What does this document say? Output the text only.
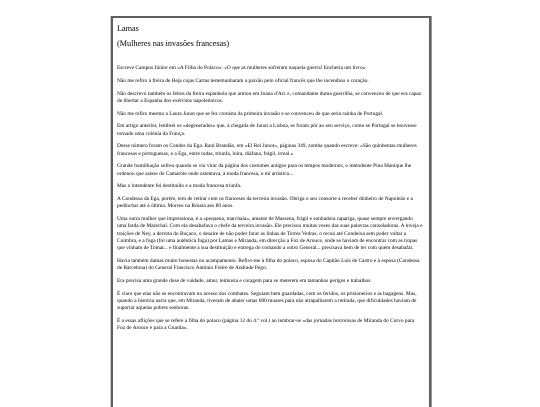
Lamas
(Mulheres nas invasões francesas)

Escreve Campos Júnior em «A Filha do Polaco»: «O que as mulheres sofreram naquela guerra! Encheria um livro».

Não me refiro à freira de Beja cujas Cartas testemunharam a paixão pelo oficial francês que lhe incendiou o coração.

Não descrevo também os feitos da freira espanhola que armou em Joana d'Arc e, comandante duma guerrilha, se convenceu de que era capaz de libertar a Espanha dos exércitos napoleónicos.

Não me refiro mesmo a Laura Junot que se fez cronista da primeira invasão e se convenceu de que seria rainha de Portugal.

Em artigo anterior, lembrei os «degenerados» que, à chegada de Junot a Lisboa, se foram pôr ao seu serviço, como se Portugal se houvesse tornado uma colónia da França.

Desse número foram os Condes da Ega. Raul Brandão, em «El Rei Junot», páginas 349, zomba quando escreve: «São quinhentas mulheres francesas e portuguesas, e a Ega, entre todas, triunfa, loira, diáfana, frágil, irreal.»

Grande humilhação sofreu quando se viu virar da página dos costumes antigos para os tempos modernos, o intendente Pina Manique lhe ordenou que saísse do Camarote onde ostentava, à moda francesa, o mi artístico...

Mas o intendente foi destituído e a moda francesa triunfa.

A Condessa da Ega, porém, tem de retirar com os franceses da terceira invasão. Obriga o seu consorte a receber dinheiro de Napoleão e a pedinchar até à última. Morreu na Rússia aos 80 anos.

Uma outra mulher que impressiona, é a «pequena, marchala», amante de Massena, frágil e sonhadora rapariga, quase sempre envergando uma farda de Marechal. Com ela desabafava o chefe da terceira invasão. Ele precisou muitas vezes das suas palavras consoladoras. A inveja e traições de Ney, a derrota do Buçaco, o desaire de não poder furar as linhas de Torres Vedras, o recuo até Condeixa sem poder voltar a Coimbra, e a fuga (foi uma autêntica fuga) por Lamas e Miranda, em direcção a Foz de Arouce, onde se haviam de encontrar com as tropas que vinham de Tomar... e finalmente a sua destituição e entrega do comando a outro General... precisava bem de ter com quem desabafar.

Havia também damas muito honestas no acampamento. Refiro-me à filha do polaco, esposa do Capitão Luís de Castro e à esposa (Condessa de Barcelona) do General Francisco António Freire de Andrade Pego.

Era precisa uma grande dose de vaidade, amor, teimosia e coragem para se meterem em tamanhos perigos e trabalhos.

É claro que elas não se encontravam no acesso dos combates. Seguiam bem guardadas, com os feridos, os prisioneiros e as bagagens. Mas, quando a história narra que, em Miranda, tiveram de abater umas 600 muares para não atrapalharem a retirada, que dificuldades haviam de suportar aquelas pobres senhoras.

É a essas aflições que se refere a filha do polaco (página 12 do 4.º vol.) ao lembrar-se «das jornadas horrorosas de Miranda do Corvo para Foz de Arouce e para a Guarda».
